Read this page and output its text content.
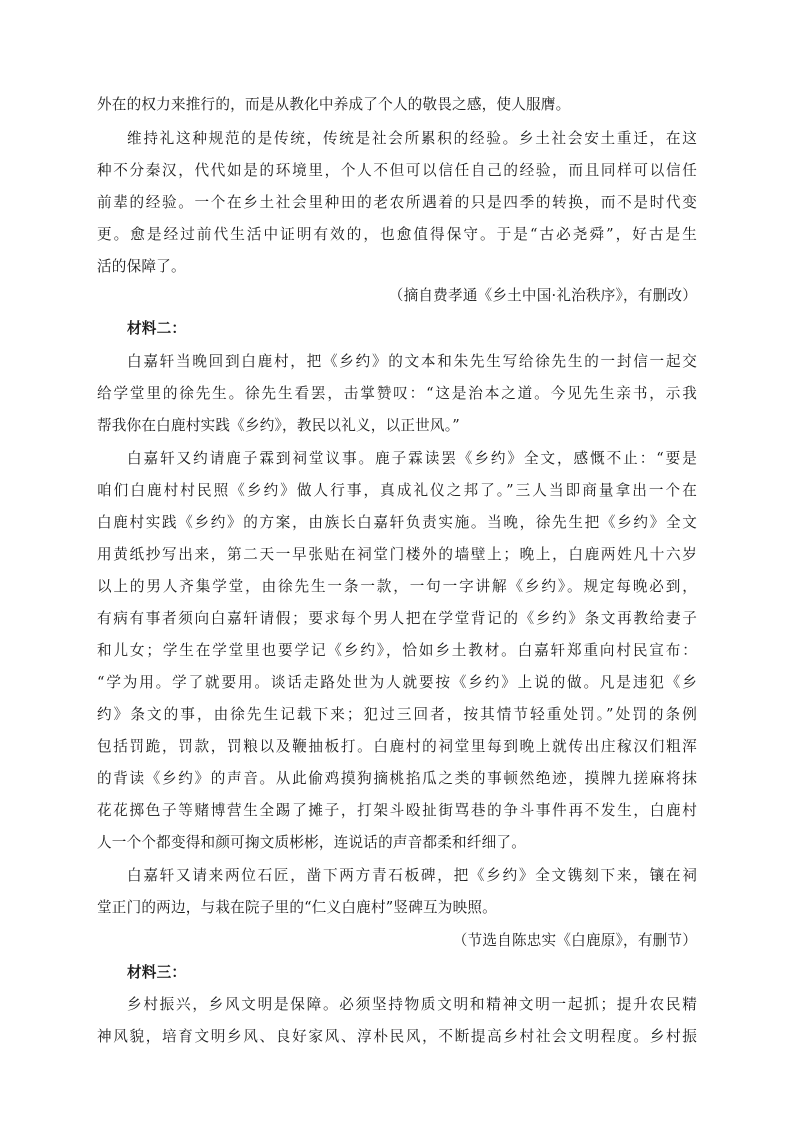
外在的权力来推行的，而是从教化中养成了个人的敬畏之感，使人服膺。
维持礼这种规范的是传统，传统是社会所累积的经验。乡土社会安土重迁，在这
种不分秦汉，代代如是的环境里，个人不但可以信任自己的经验，而且同样可以信任
前辈的经验。一个在乡土社会里种田的老农所遇着的只是四季的转换，而不是时代变
更。愈是经过前代生活中证明有效的，也愈值得保守。于是“古必尧舜”，好古是生
活的保障了。
（摘自费孝通《乡土中国·礼治秩序》，有删改）
材料二：
白嘉轩当晚回到白鹿村，把《乡约》的文本和朱先生写给徐先生的一封信一起交
给学堂里的徐先生。徐先生看罢，击掌赞叹：“这是治本之道。今见先生亲书，示我
帮我你在白鹿村实践《乡约》，教民以礼义，以正世风。”
白嘉轩又约请鹿子霖到祠堂议事。鹿子霖读罢《乡约》全文，感慨不止：“要是
咱们白鹿村村民照《乡约》做人行事，真成礼仪之邦了。”三人当即商量拿出一个在
白鹿村实践《乡约》的方案，由族长白嘉轩负责实施。当晚，徐先生把《乡约》全文
用黄纸抄写出来，第二天一早张贴在祠堂门楼外的墙壁上；晚上，白鹿两姓凡十六岁
以上的男人齐集学堂，由徐先生一条一款，一句一字讲解《乡约》。规定每晚必到，
有病有事者须向白嘉轩请假；要求每个男人把在学堂背记的《乡约》条文再教给妻子
和儿女；学生在学堂里也要学记《乡约》，恰如乡土教材。白嘉轩郑重向村民宣布：
“学为用。学了就要用。谈话走路处世为人就要按《乡约》上说的做。凡是违犯《乡
约》条文的事，由徐先生记载下来；犯过三回者，按其情节轻重处罚。”处罚的条例
包括罚跪，罚款，罚粮以及鞭抽板打。白鹿村的祠堂里每到晚上就传出庄稼汉们粗浑
的背读《乡约》的声音。从此偷鸡摸狗摘桃掐瓜之类的事顿然绝迹，摸牌九搓麻将抹
花花掷色子等赌博营生全踢了摊子，打架斗殴扯街骂巷的争斗事件再不发生，白鹿村
人一个个都变得和颜可掬文质彬彬，连说话的声音都柔和纤细了。
白嘉轩又请来两位石匠，凿下两方青石板碑，把《乡约》全文镌刻下来，镶在祠
堂正门的两边，与栽在院子里的“仁义白鹿村”竖碑互为映照。
（节选自陈忠实《白鹿原》，有删节）
材料三：
乡村振兴，乡风文明是保障。必须坚持物质文明和精神文明一起抓；提升农民精
神风貌，培育文明乡风、良好家风、淳朴民风，不断提高乡村社会文明程度。乡村振
